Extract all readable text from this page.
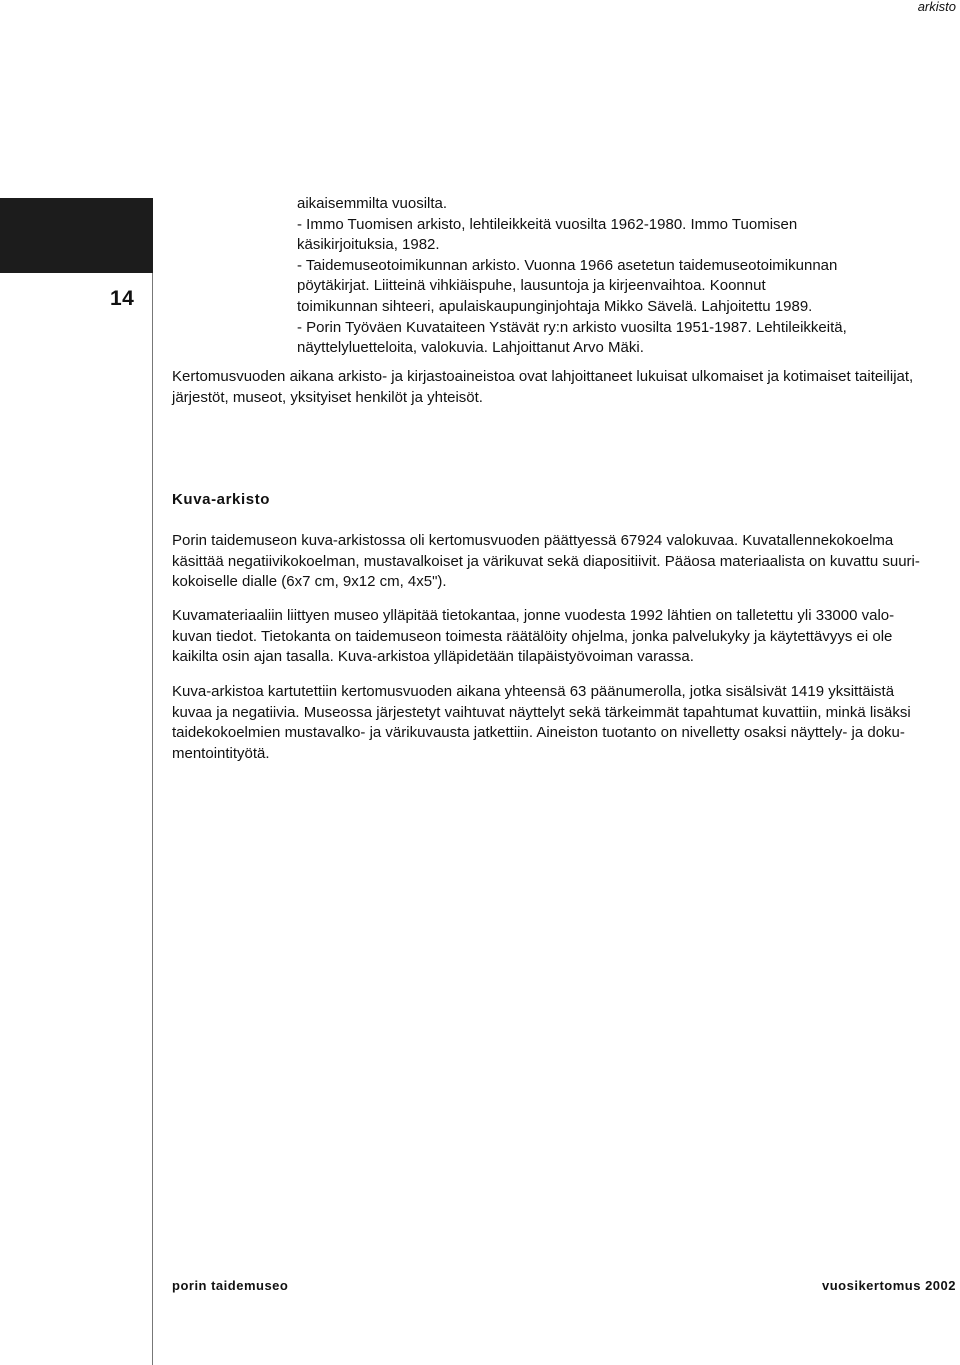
arkisto
14

aikaisemmilta vuosilta.

- Immo Tuomisen arkisto, lehtileikkeitä vuosilta 1962-1980. Immo Tuomisen

käsikirjoituksia, 1982.

- Taidemuseotoimikunnan arkisto. Vuonna 1966 asetetun taidemuseotoimikunnan

pöytäkirjat. Liitteinä vihkiäispuhe, lausuntoja ja kirjeenvaihtoa. Koonnut

toimikunnan sihteeri, apulaiskaupunginjohtaja Mikko Sävelä. Lahjoitettu 1989.

- Porin Työväen Kuvataiteen Ystävät ry:n arkisto vuosilta 1951-1987. Lehtileikkeitä,

näyttelyluetteloita, valokuvia. Lahjoittanut Arvo Mäki.

Kertomusvuoden aikana arkisto- ja kirjastoaineistoa ovat lahjoittaneet lukuisat ulkomaiset ja kotimaiset taiteilijat,

järjestöt, museot, yksityiset henkilöt ja yhteisöt.

Kuva-arkisto
Porin taidemuseon kuva-arkistossa oli kertomusvuoden päättyessä 67924 valokuvaa. Kuvatallennekokoelma
käsittää negatiivikokoelman, mustavalkoiset ja värikuvat sekä diapositiivit. Pääosa materiaalista on kuvattu suuri-
kokoiselle dialle (6x7 cm, 9x12 cm, 4x5").
Kuvamateriaaliin liittyen museo ylläpitää tietokantaa, jonne vuodesta 1992 lähtien on talletettu yli 33000 valo-
kuvan tiedot. Tietokanta on taidemuseon toimesta räätälöity ohjelma, jonka palvelukyky ja käytettävyys ei ole
kaikilta osin ajan tasalla. Kuva-arkistoa ylläpidetään tilapäistyövoiman varassa.
Kuva-arkistoa kartutettiin kertomusvuoden aikana yhteensä 63 päänumerolla, jotka sisälsivät 1419 yksittäistä
kuvaa ja negatiivia. Museossa järjestetyt vaihtuvat näyttelyt sekä tärkeimmät tapahtumat kuvattiin, minkä lisäksi
taidekokoelmien mustavalko- ja värikuvausta jatkettiin. Aineiston tuotanto on nivelletty osaksi näyttely- ja doku-
mentointityötä.
porin taidemuseo	vuosikertomus 2002
